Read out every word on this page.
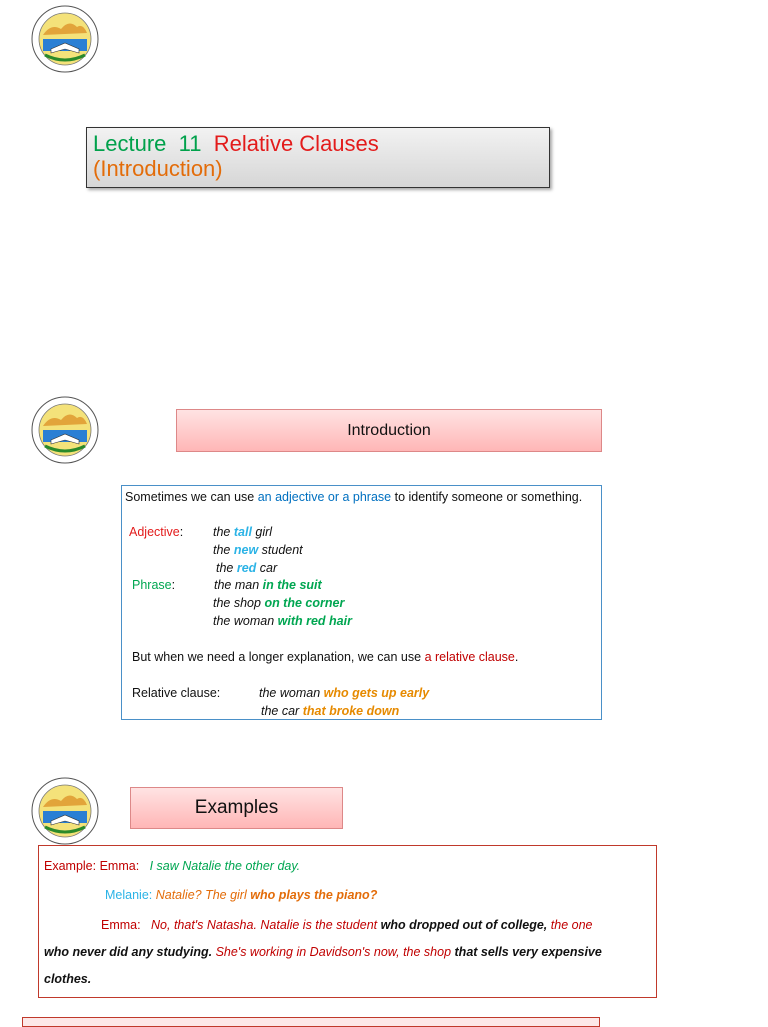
Lecture 11 Relative Clauses
(Introduction)
Introduction
Sometimes we can use an adjective or a phrase to identify someone or something.
Adjective: the tall girl
the new student
the red car
Phrase:	the man in the suit
the shop on the corner
the woman with red hair
But when we need a longer explanation, we can use a relative clause.
Relative clause:	the woman who gets up early
the car that broke down
Examples
Example: Emma: I saw Natalie the other day.
Melanie: Natalie? The girl who plays the piano?
Emma: No, that's Natasha. Natalie is the student who dropped out of college, the one
who never did any studying. She's working in Davidson's now, the shop that sells very expensive
clothes.
